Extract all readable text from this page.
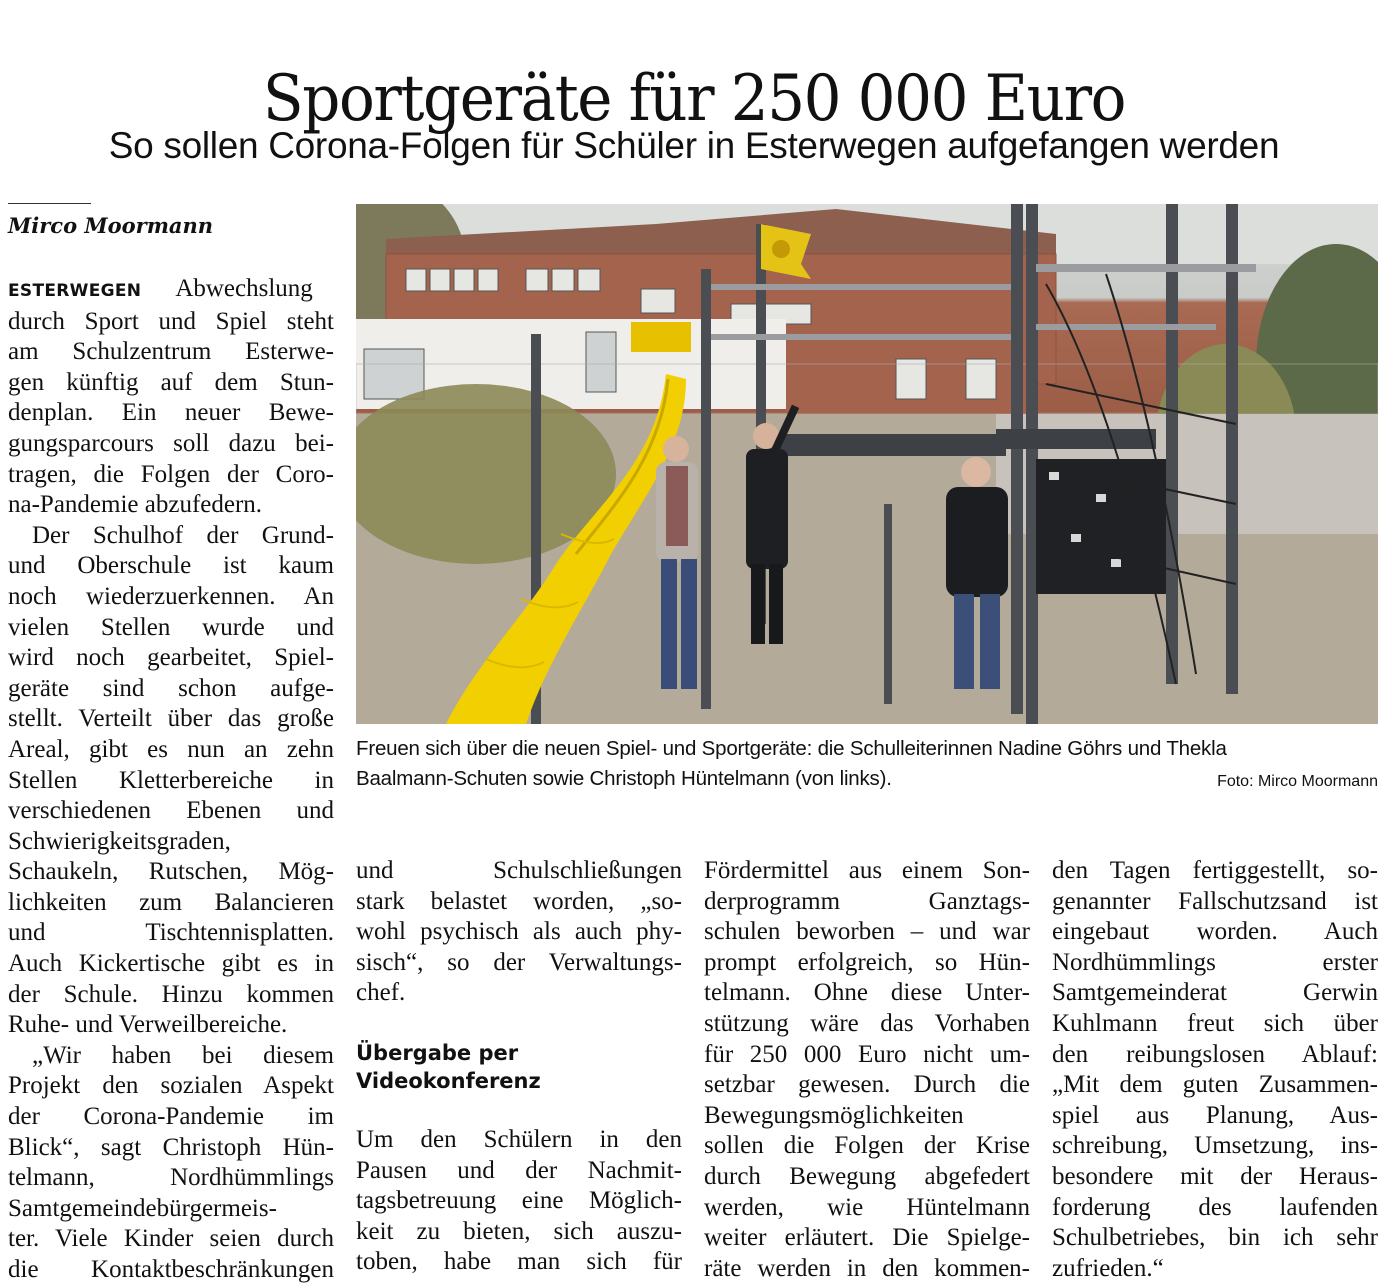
Sportgeräte für 250 000 Euro
So sollen Corona-Folgen für Schüler in Esterwegen aufgefangen werden
Mirco Moormann
ESTERWEGEN Abwechslung
durch Sport und Spiel steht
am Schulzentrum Esterwe-
gen künftig auf dem Stun-
denplan. Ein neuer Bewe-
gungsparcours soll dazu bei-
tragen, die Folgen der Coro-
na-Pandemie abzufedern.
Der Schulhof der Grund-
und Oberschule ist kaum
noch wiederzuerkennen. An
vielen Stellen wurde und
wird noch gearbeitet, Spiel-
geräte sind schon aufge-
stellt. Verteilt über das große
Areal, gibt es nun an zehn
Stellen Kletterbereiche in
verschiedenen Ebenen und
Schwierigkeitsgraden,
Schaukeln, Rutschen, Mög-
lichkeiten zum Balancieren
und Tischtennisplatten.
Auch Kickertische gibt es in
der Schule. Hinzu kommen
Ruhe- und Verweilbereiche.
„Wir haben bei diesem
Projekt den sozialen Aspekt
der Corona-Pandemie im
Blick“, sagt Christoph Hün-
telmann, Nordhümmlings
Samtgemeindebürgermeis-
ter. Viele Kinder seien durch
die Kontaktbeschränkungen
Freuen sich über die neuen Spiel- und Sportgeräte: die Schulleiterinnen Nadine Göhrs und Thekla
Baalmann-Schuten sowie Christoph Hüntelmann (von links).	Foto: Mirco Moormann
und Schulschließungen
stark belastet worden, „so-
wohl psychisch als auch phy-
sisch“, so der Verwaltungs-
chef.
Übergabe per
Videokonferenz
Um den Schülern in den
Pausen und der Nachmit-
tagsbetreuung eine Möglich-
keit zu bieten, sich auszu-
toben, habe man sich für
Fördermittel aus einem Son-
derprogramm Ganztags-
schulen beworben – und war
prompt erfolgreich, so Hün-
telmann. Ohne diese Unter-
stützung wäre das Vorhaben
für 250 000 Euro nicht um-
setzbar gewesen. Durch die
Bewegungsmöglichkeiten
sollen die Folgen der Krise
durch Bewegung abgefedert
werden, wie Hüntelmann
weiter erläutert. Die Spielge-
räte werden in den kommen-
den Tagen fertiggestellt, so-
genannter Fallschutzsand ist
eingebaut worden. Auch
Nordhümmlings erster
Samtgemeinderat Gerwin
Kuhlmann freut sich über
den reibungslosen Ablauf:
„Mit dem guten Zusammen-
spiel aus Planung, Aus-
schreibung, Umsetzung, ins-
besondere mit der Heraus-
forderung des laufenden
Schulbetriebes, bin ich sehr
zufrieden.“
